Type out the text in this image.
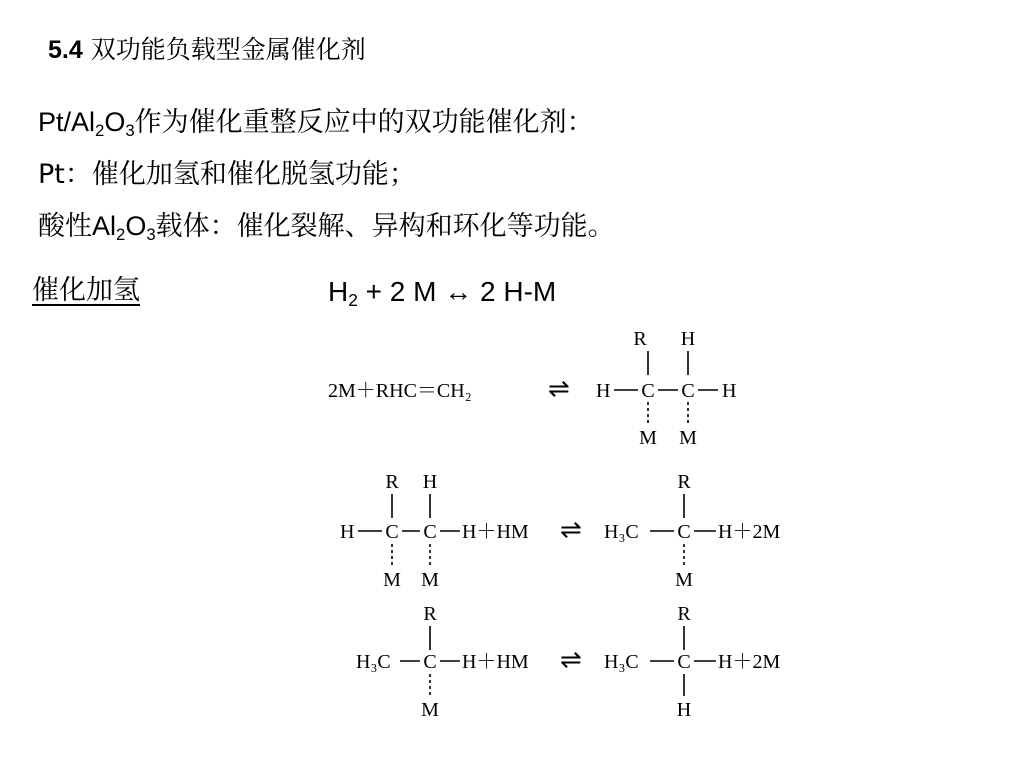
5.4 双功能负载型金属催化剂
$Pt/Al_2O_3$作为催化重整反应中的双功能催化剂：
Pt：催化加氢和催化脱氢功能；
酸性$Al_2O_3$载体：催化裂解、异构和环化等功能。
催化加氢	$H_2 + 2$ M ↔ 2 H-M
2M＋RHC＝CH₂	⇌
R H
H C C H
M M
R H
H C C H＋HM ⇌ H₃C C H＋2M
R
M M	M
R
H₃C C H＋HM ⇌ H₃C C H＋2M
R
M	H
